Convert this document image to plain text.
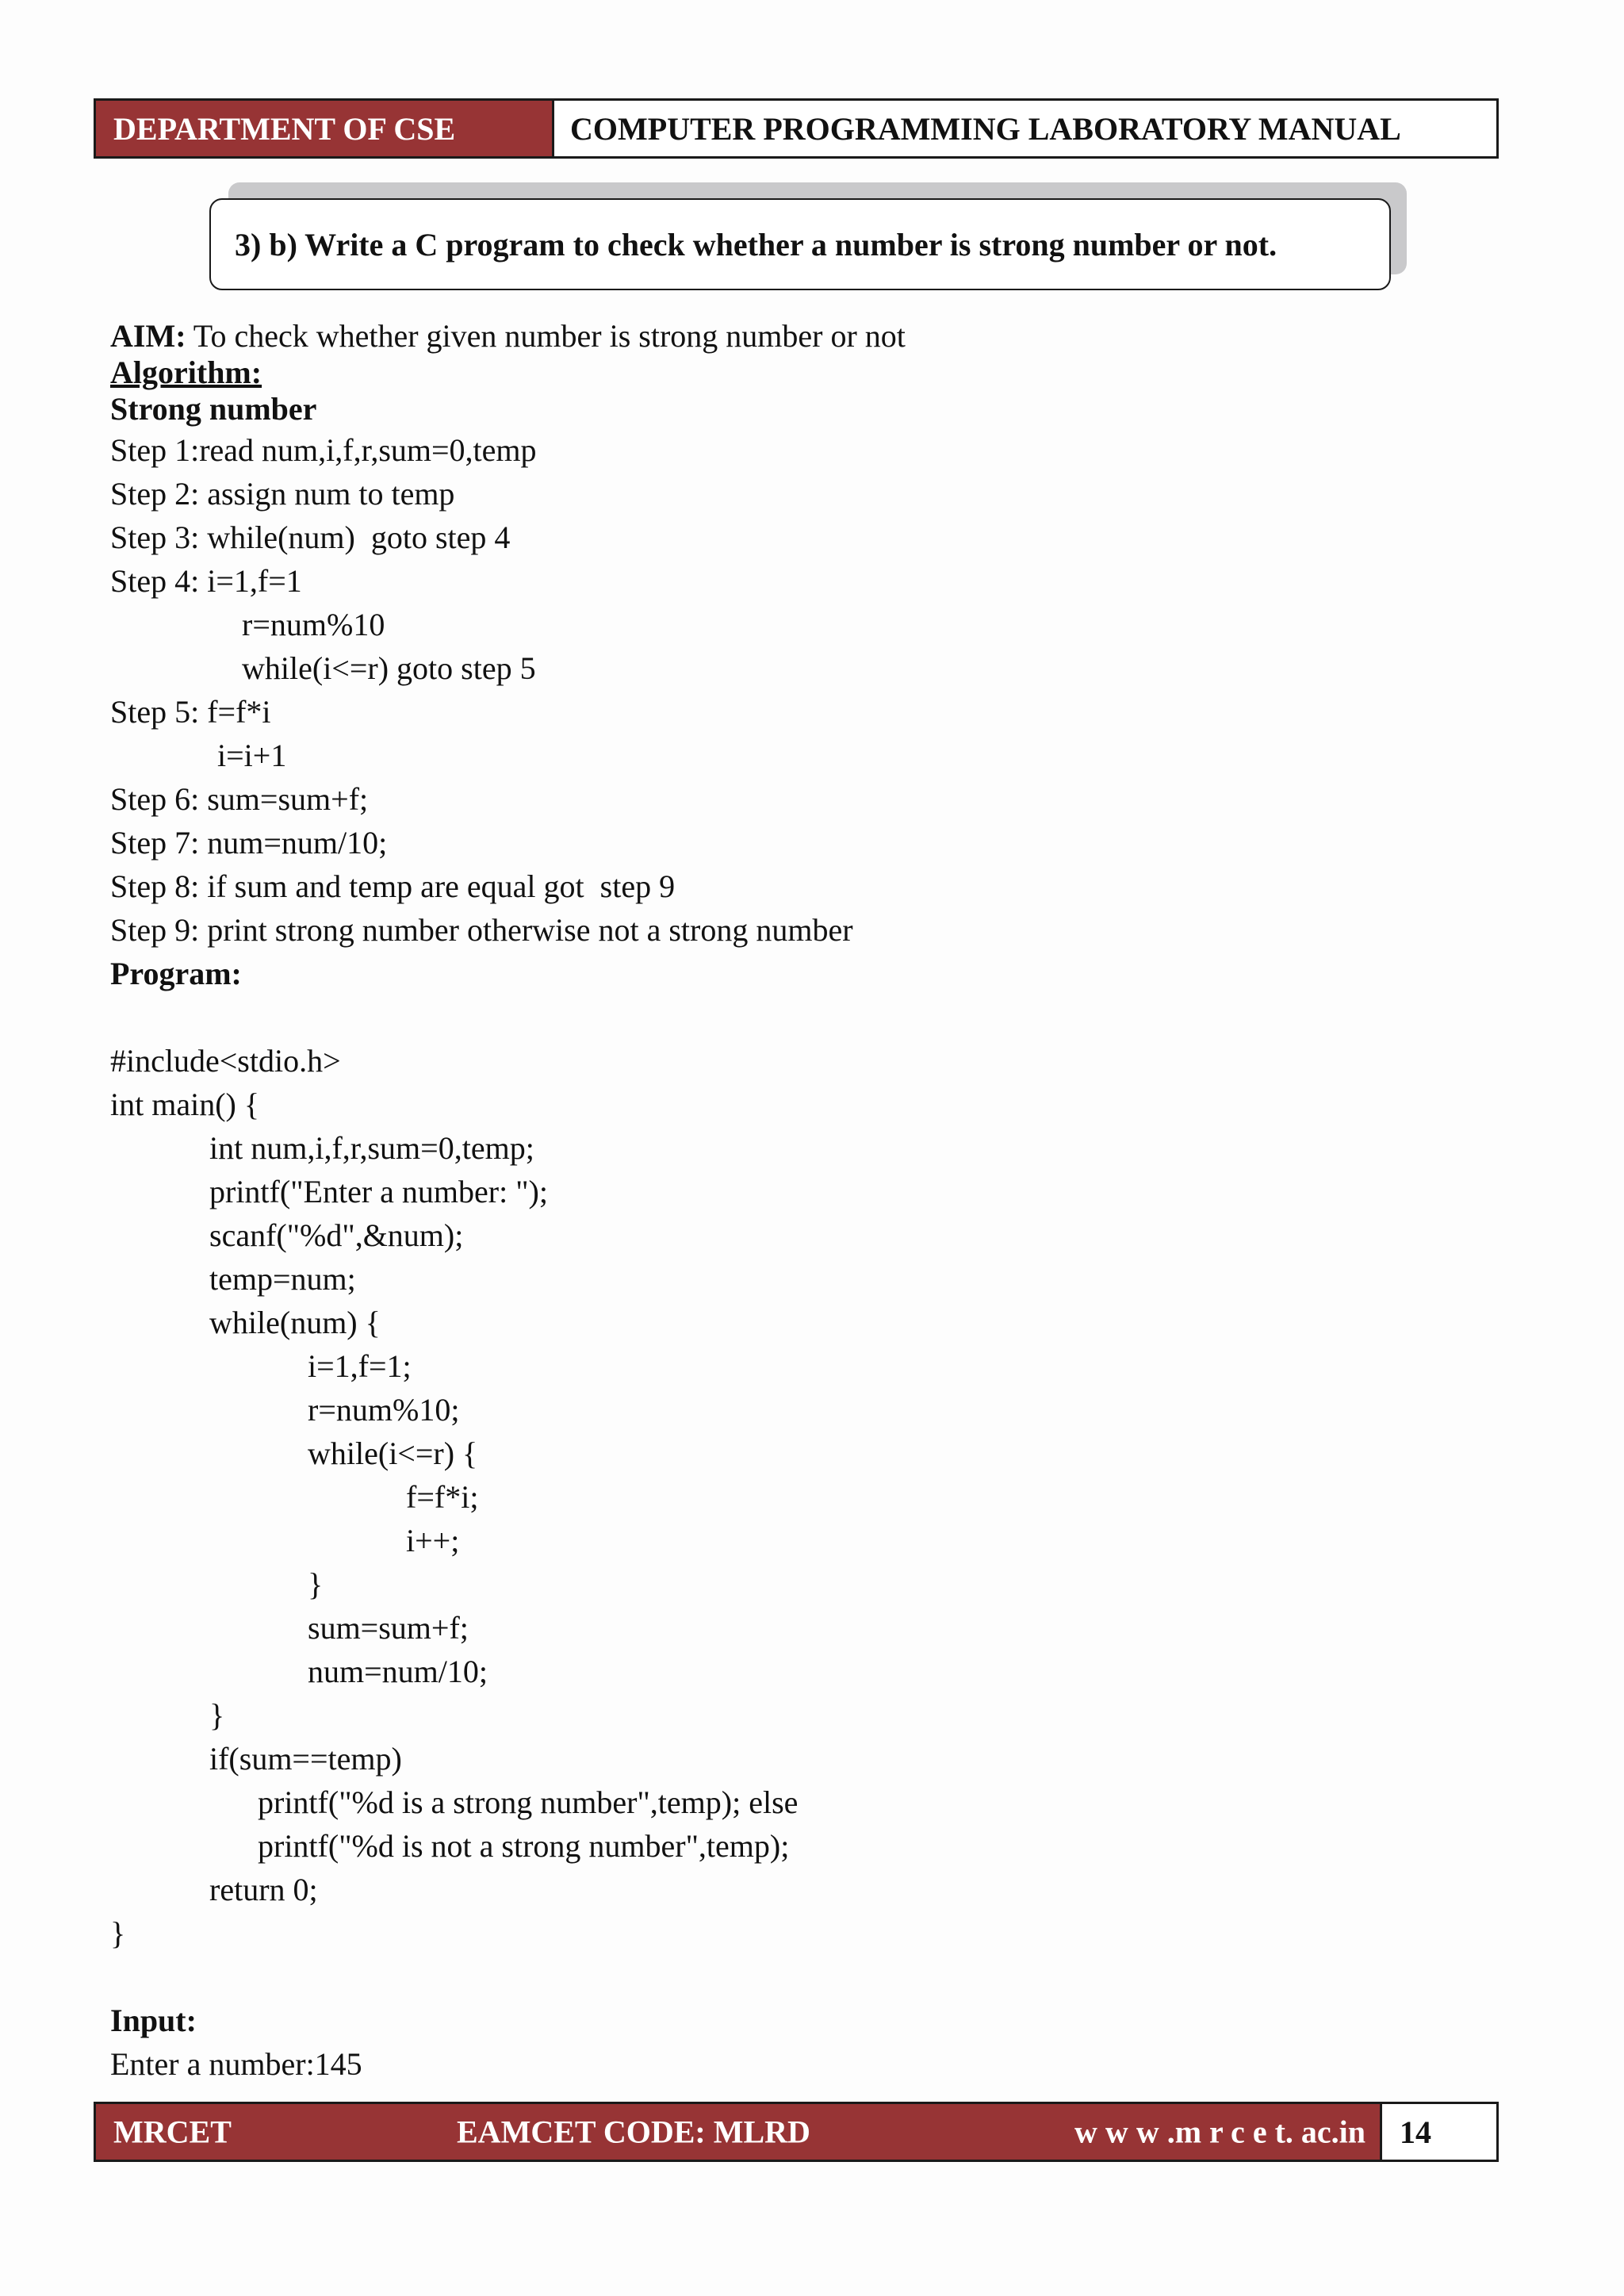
DEPARTMENT OF CSE	COMPUTER PROGRAMMING LABORATORY MANUAL
3) b) Write a C program to check whether a number is strong number or not.
AIM: To check whether given number is strong number or not
Algorithm:
Strong number
Step 1:read num,i,f,r,sum=0,temp
Step 2: assign num to temp
Step 3: while(num)  goto step 4
Step 4: i=1,f=1
r=num%10
while(i<=r) goto step 5
Step 5: f=f*i
i=i+1
Step 6: sum=sum+f;
Step 7: num=num/10;
Step 8: if sum and temp are equal got  step 9
Step 9: print strong number otherwise not a strong number
Program:
#include<stdio.h>
int main() {
int num,i,f,r,sum=0,temp;
printf("Enter a number: ");
scanf("%d",&num);
temp=num;
while(num) {
i=1,f=1;
r=num%10;
while(i<=r) {
f=f*i;
i++;
}
sum=sum+f;
num=num/10;
}
if(sum==temp)
printf("%d is a strong number",temp); else
printf("%d is not a strong number",temp);
return 0;
}
Input:
Enter a number:145
MRCET	EAMCET CODE: MLRD	w w w .m r c e t. ac.in	14
